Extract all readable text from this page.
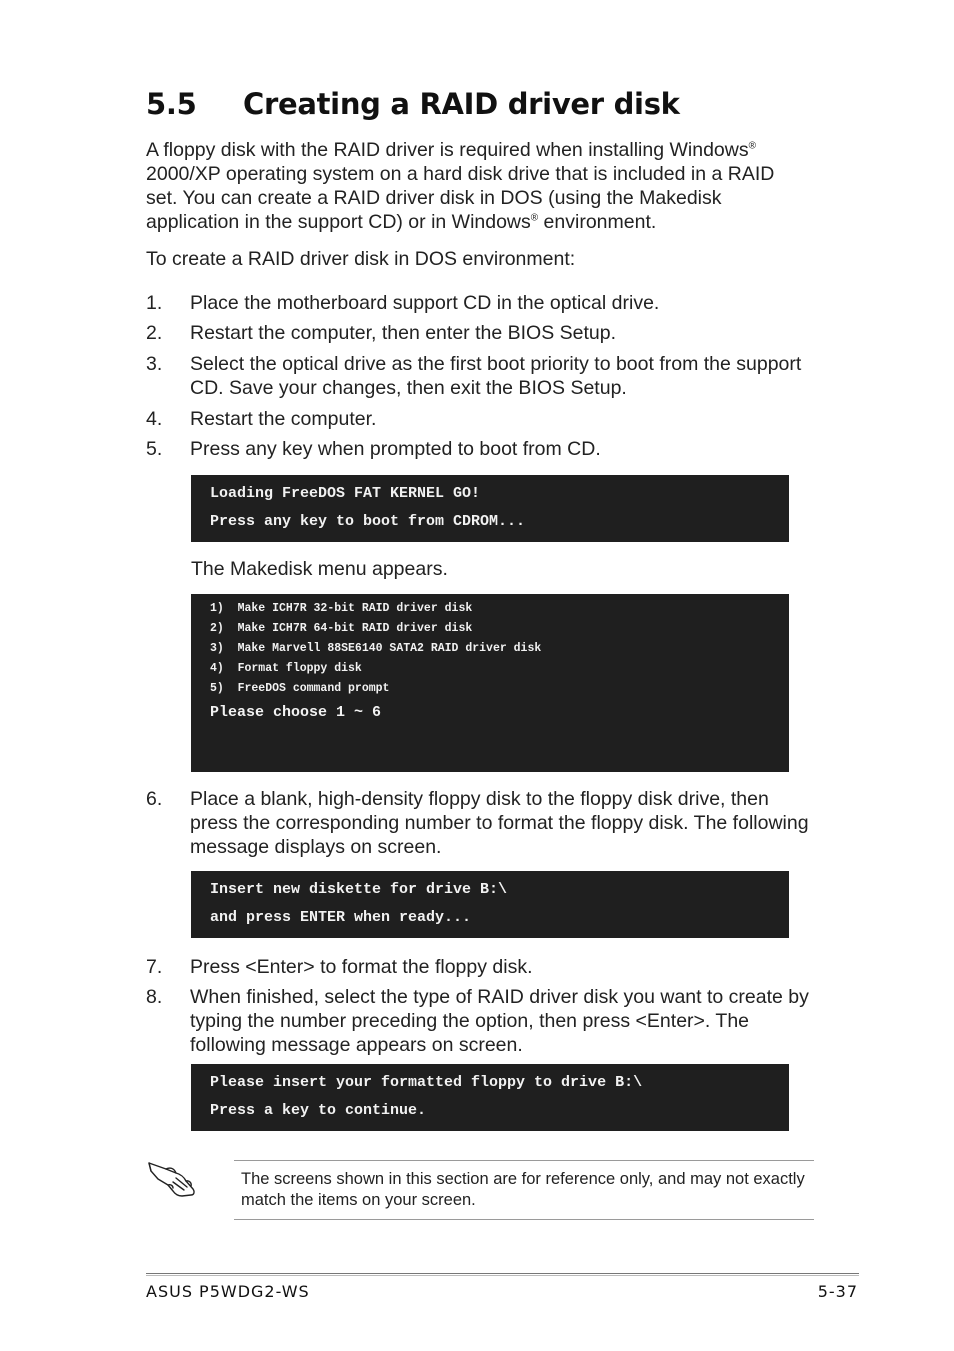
5.5 Creating a RAID driver disk

A floppy disk with the RAID driver is required when installing Windows® 2000/XP operating system on a hard disk drive that is included in a RAID set. You can create a RAID driver disk in DOS (using the Makedisk application in the support CD) or in Windows® environment.

To create a RAID driver disk in DOS environment:

1. Place the motherboard support CD in the optical drive.
2. Restart the computer, then enter the BIOS Setup.
3. Select the optical drive as the first boot priority to boot from the support CD. Save your changes, then exit the BIOS Setup.
4. Restart the computer.
5. Press any key when prompted to boot from CD.
Loading FreeDOS FAT KERNEL GO!
Press any key to boot from CDROM...
The Makedisk menu appears.
1)  Make ICH7R 32-bit RAID driver disk
2)  Make ICH7R 64-bit RAID driver disk
3)  Make Marvell 88SE6140 SATA2 RAID driver disk
4)  Format floppy disk
5)  FreeDOS command prompt
Please choose 1 ~ 6
6. Place a blank, high-density floppy disk to the floppy disk drive, then press the corresponding number to format the floppy disk. The following message displays on screen.
Insert new diskette for drive B:\
and press ENTER when ready...
7. Press <Enter> to format the floppy disk.
8. When finished, select the type of RAID driver disk you want to create by typing the number preceding the option, then press <Enter>. The following message appears on screen.
Please insert your formatted floppy to drive B:\
Press a key to continue.
The screens shown in this section are for reference only, and may not exactly match the items on your screen.
ASUS P5WDG2-WS	5-37
